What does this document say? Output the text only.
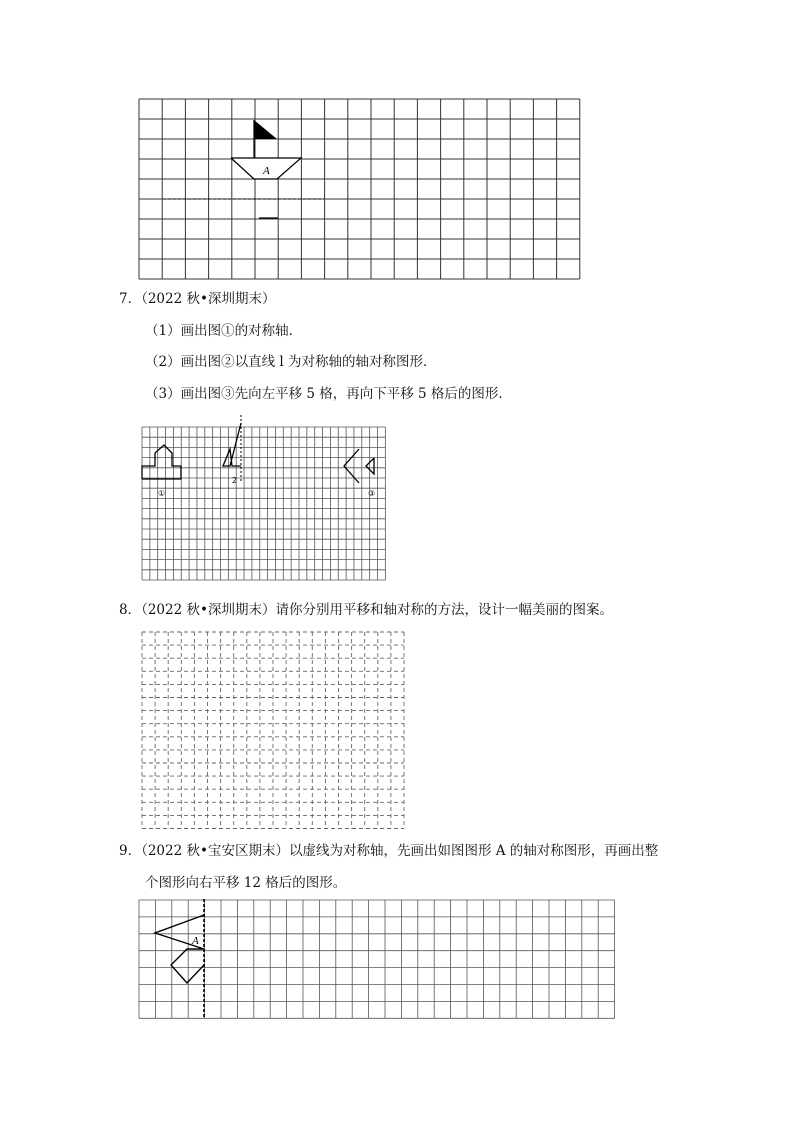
A
7．（2022 秋•深圳期末）
（1）画出图①的对称轴．
（2）画出图②以直线 l 为对称轴的轴对称图形．
（3）画出图③先向左平移 5 格，再向下平移 5 格后的图形．
①
2
③
8．（2022 秋•深圳期末）请你分别用平移和轴对称的方法，设计一幅美丽的图案。
9．（2022 秋•宝安区期末）以虚线为对称轴，先画出如图图形 A 的轴对称图形，再画出整
个图形向右平移 12 格后的图形。
A
